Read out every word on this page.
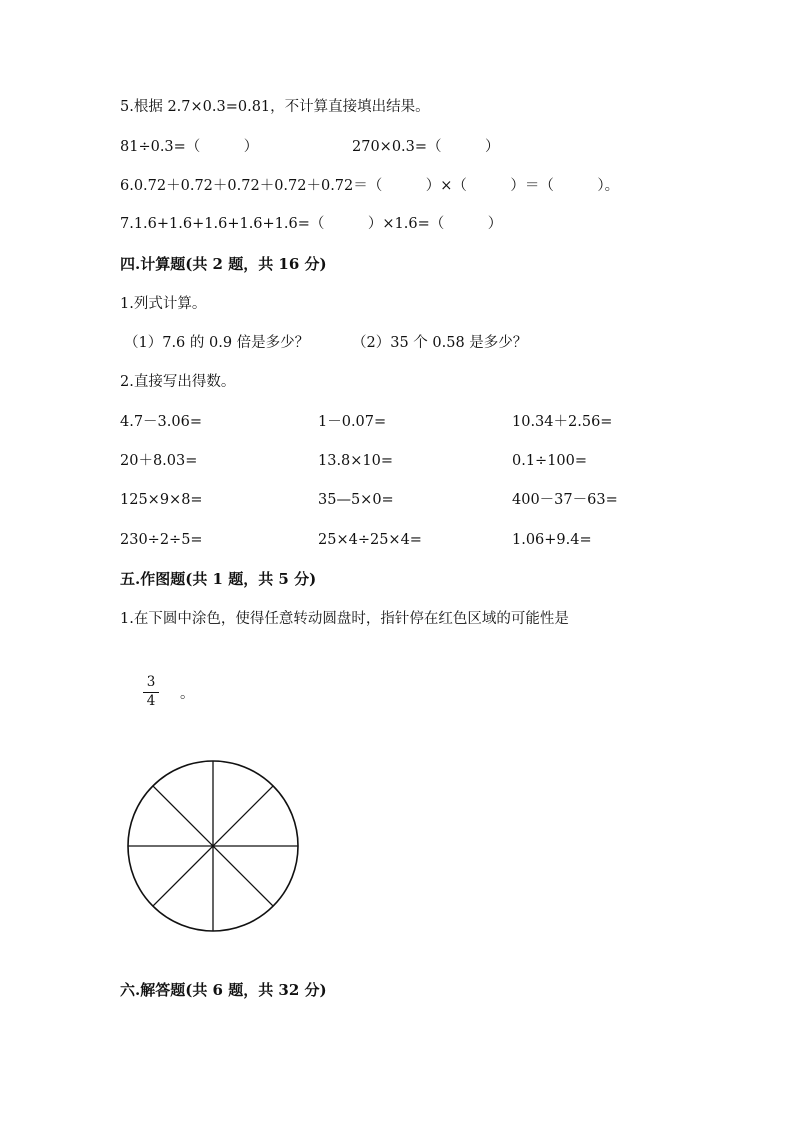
5.根据 2.7×0.3=0.81，不计算直接填出结果。
81÷0.3=（　　　）	270×0.3=（　　　）
6.0.72＋0.72＋0.72＋0.72＋0.72＝（　　　）×（　　　）＝（　　　）。
7.1.6+1.6+1.6+1.6+1.6=（　　　）×1.6=（　　　）
四.计算题(共 2 题，共 16 分)
1.列式计算。
（1）7.6 的 0.9 倍是多少？	（2）35 个 0.58 是多少？
2.直接写出得数。
4.7－3.06=	1－0.07=	10.34＋2.56=
20＋8.03=	13.8×10=	0.1÷100=
125×9×8=	35—5×0=	400－37－63=
230÷2÷5=	25×4÷25×4=	1.06+9.4=
五.作图题(共 1 题，共 5 分)
1.在下圆中涂色，使得任意转动圆盘时，指针停在红色区域的可能性是
3
4	。
六.解答题(共 6 题，共 32 分)
